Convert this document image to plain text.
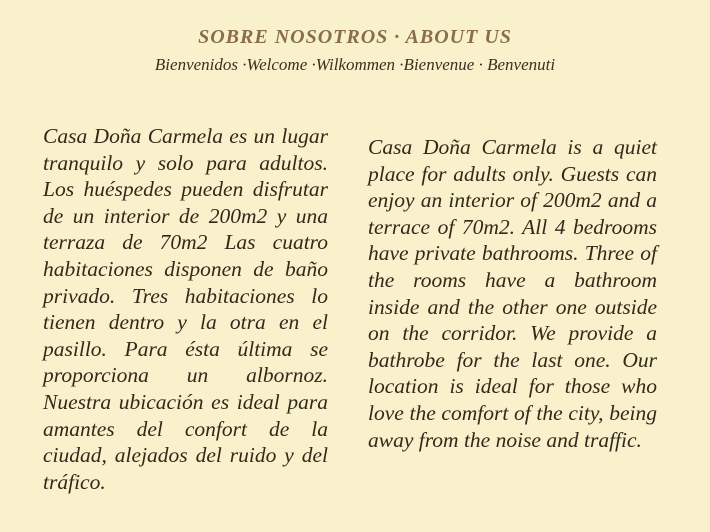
SOBRE NOSOTROS · ABOUT US
Bienvenidos ·Welcome ·Wilkommen ·Bienvenue · Benvenuti
Casa Doña Carmela es un lugar tranquilo y solo para adultos. Los huéspedes pueden disfrutar de un interior de 200m2 y una terraza de 70m2 Las cuatro habitaciones disponen de baño privado. Tres habitaciones lo tienen dentro y la otra en el pasillo. Para ésta última se proporciona un albornoz. Nuestra ubicación es ideal para amantes del confort de la ciudad, alejados del ruido y del tráfico.
Casa Doña Carmela is a quiet place for adults only. Guests can enjoy an interior of 200m2 and a terrace of 70m2. All 4 bedrooms have private bathrooms. Three of the rooms have a bathroom inside and the other one outside on the corridor. We provide a bathrobe for the last one. Our location is ideal for those who love the comfort of the city, being away from the noise and traffic.
